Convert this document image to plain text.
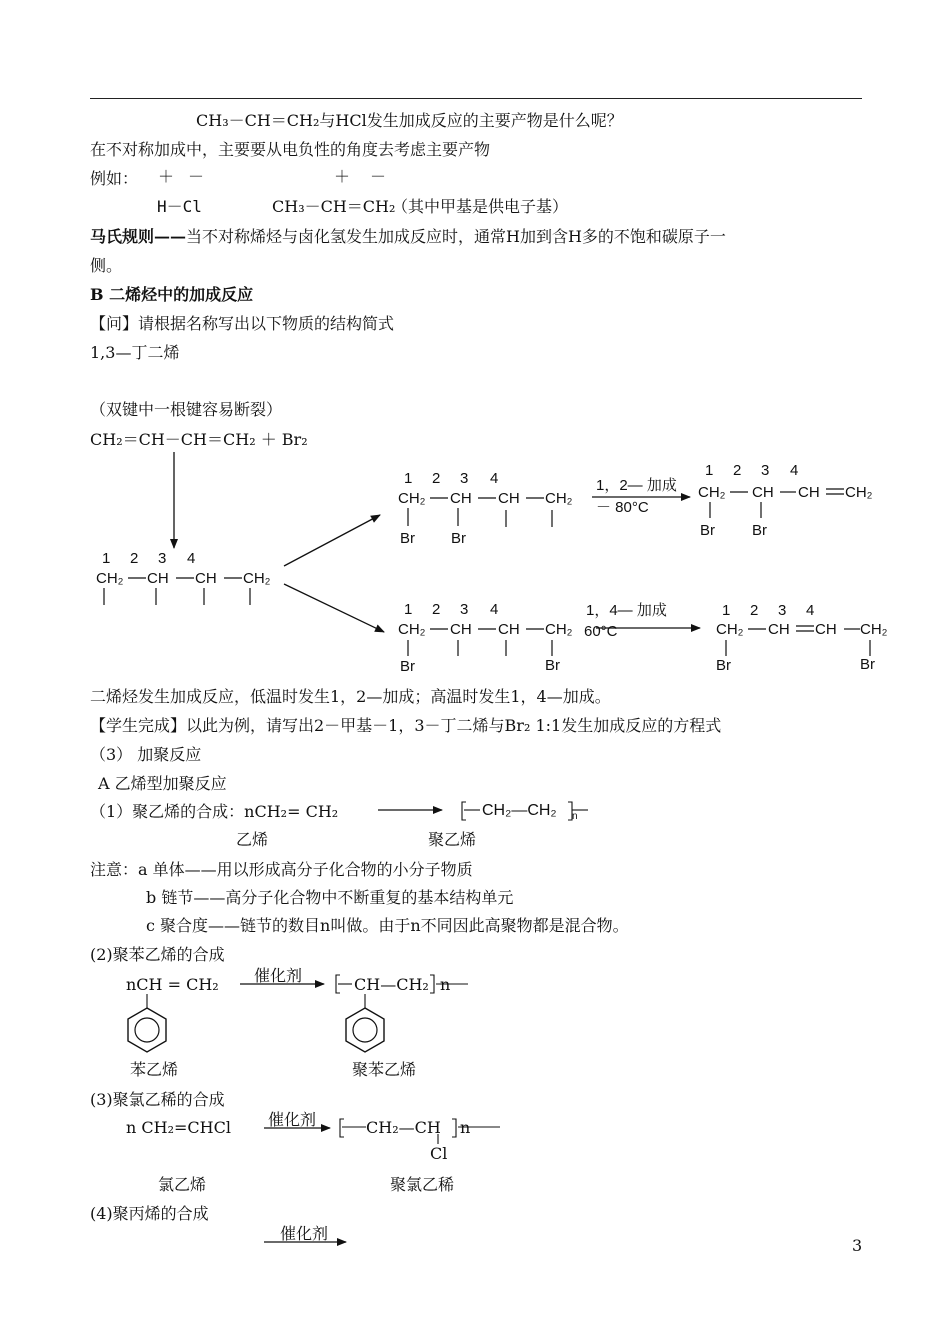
CH₃－CH＝CH₂与HCl发生加成反应的主要产物是什么呢？
在不对称加成中，主要要从电负性的角度去考虑主要产物
例如： ＋ －	＋ －
H－Cl	CH₃－CH＝CH₂
（其中甲基是供电子基）
马氏规则——当不对称烯烃与卤化氢发生加成反应时，通常H加到含H多的不饱和碳原子一
侧。
B 二烯烃中的加成反应
【问】请根据名称写出以下物质的结构简式
1,3—丁二烯
（双键中一根键容易断裂）
CH₂＝CH－CH＝CH₂ ＋ Br₂
1 2 3 4
CH₂ CH CH CH₂
1 2 3 4
CH₂ CH CH CH₂
Br Br
1，2— 加成
－ 80°C
1 2 3 4
CH₂ CH CH CH₂
Br Br
1 2 3 4
CH₂ CH CH CH₂
Br	Br
1，4— 加成
60°C
1 2 3 4
CH₂ CH CH CH₂
Br	Br
二烯烃发生加成反应，低温时发生1，2—加成；高温时发生1，4—加成。
【学生完成】以此为例，请写出2－甲基－1，3－丁二烯与Br₂ 1:1发生加成反应的方程式
（3） 加聚反应
A 乙烯型加聚反应
（1）聚乙烯的合成：nCH₂= CH₂	CH₂—CH₂ n
乙烯	聚乙烯
注意：a 单体——用以形成高分子化合物的小分子物质
b 链节——高分子化合物中不断重复的基本结构单元
c 聚合度——链节的数目n叫做。由于n不同因此高聚物都是混合物。
(2)聚苯乙烯的合成
nCH = CH₂ 催化剂	CH—CH₂ n
苯乙烯	聚苯乙烯
(3)聚氯乙稀的合成
n CH₂=CHCl 催化剂	CH₂—CH n
Cl
氯乙烯	聚氯乙稀
(4)聚丙烯的合成
催化剂
3
